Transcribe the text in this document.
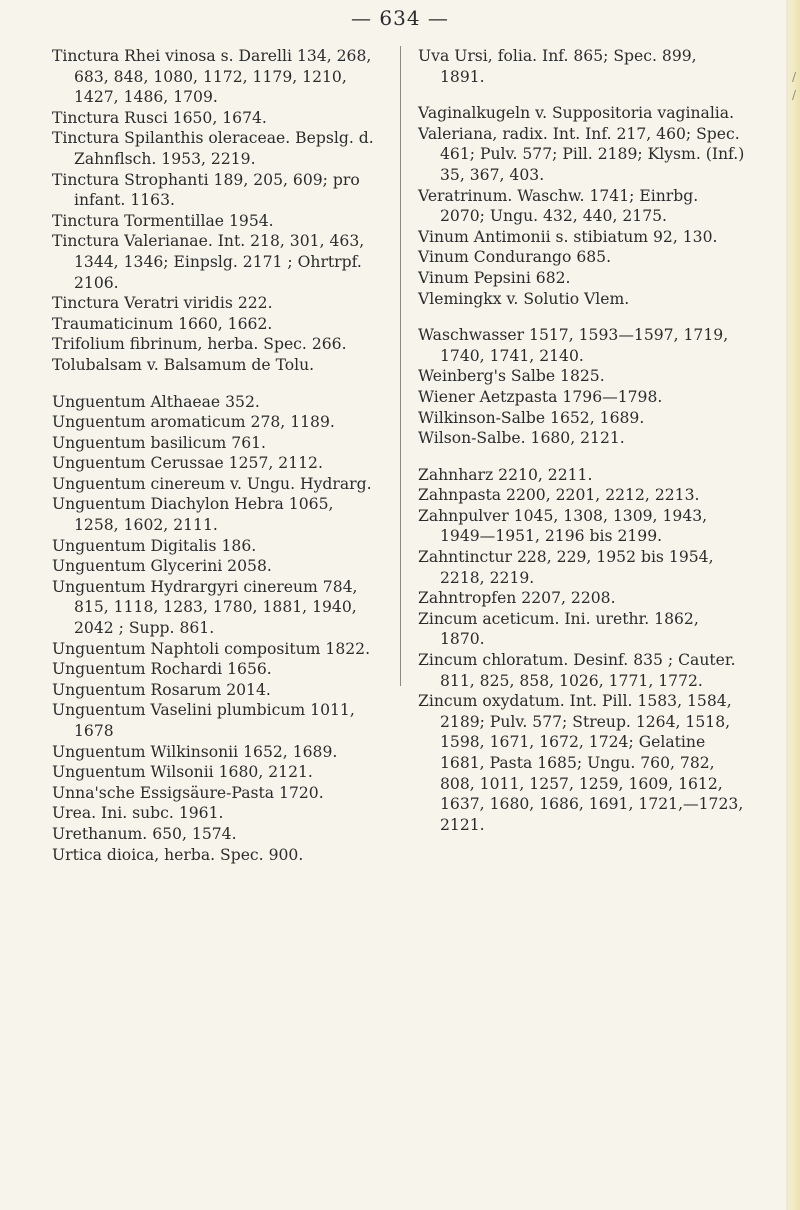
— 634 —

Tinctura Rhei vinosa s. Darelli 134, 268, 683, 848, 1080, 1172, 1179, 1210, 1427, 1486, 1709.

Tinctura Rusci 1650, 1674.

Tinctura Spilanthis oleraceae. Bepslg. d. Zahnflsch. 1953, 2219.

Tinctura Strophanti 189, 205, 609; pro infant. 1163.

Tinctura Tormentillae 1954.

Tinctura Valerianae. Int. 218, 301, 463, 1344, 1346; Einpslg. 2171 ; Ohrtrpf. 2106.

Tinctura Veratri viridis 222.

Traumaticinum 1660, 1662.

Trifolium fibrinum, herba. Spec. 266.

Tolubalsam v. Balsamum de Tolu.

Unguentum Althaeae 352.

Unguentum aromaticum 278, 1189.

Unguentum basilicum 761.

Unguentum Cerussae 1257, 2112.

Unguentum cinereum v. Ungu. Hydrarg.

Unguentum Diachylon Hebra 1065, 1258, 1602, 2111.

Unguentum Digitalis 186.

Unguentum Glycerini 2058.

Unguentum Hydrargyri cinereum 784, 815, 1118, 1283, 1780, 1881, 1940, 2042 ; Supp. 861.

Unguentum Naphtoli compositum 1822.

Unguentum Rochardi 1656.

Unguentum Rosarum 2014.

Unguentum Vaselini plumbicum 1011, 1678

Unguentum Wilkinsonii 1652, 1689.

Unguentum Wilsonii 1680, 2121.

Unna'sche Essigsäure-Pasta 1720.

Urea. Ini. subc. 1961.

Urethanum. 650, 1574.

Urtica dioica, herba. Spec. 900.

Uva Ursi, folia. Inf. 865; Spec. 899, 1891.

Vaginalkugeln v. Suppositoria vaginalia.

Valeriana, radix. Int. Inf. 217, 460; Spec. 461; Pulv. 577; Pill. 2189; Klysm. (Inf.) 35, 367, 403.

Veratrinum. Waschw. 1741; Einrbg. 2070; Ungu. 432, 440, 2175.

Vinum Antimonii s. stibiatum 92, 130.

Vinum Condurango 685.

Vinum Pepsini 682.

Vlemingkx v. Solutio Vlem.

Waschwasser 1517, 1593—1597, 1719, 1740, 1741, 2140.

Weinberg's Salbe 1825.

Wiener Aetzpasta 1796—1798.

Wilkinson-Salbe 1652, 1689.

Wilson-Salbe. 1680, 2121.

Zahnharz 2210, 2211.

Zahnpasta 2200, 2201, 2212, 2213.

Zahnpulver 1045, 1308, 1309, 1943, 1949—1951, 2196 bis 2199.

Zahntinctur 228, 229, 1952 bis 1954, 2218, 2219.

Zahntropfen 2207, 2208.

Zincum aceticum. Ini. urethr. 1862, 1870.

Zincum chloratum. Desinf. 835 ; Cauter. 811, 825, 858, 1026, 1771, 1772.

Zincum oxydatum. Int. Pill. 1583, 1584, 2189; Pulv. 577; Streup. 1264, 1518, 1598, 1671, 1672, 1724; Gelatine 1681, Pasta 1685; Ungu. 760, 782, 808, 1011, 1257, 1259, 1609, 1612, 1637, 1680, 1686, 1691, 1721,—1723, 2121.

/
/
